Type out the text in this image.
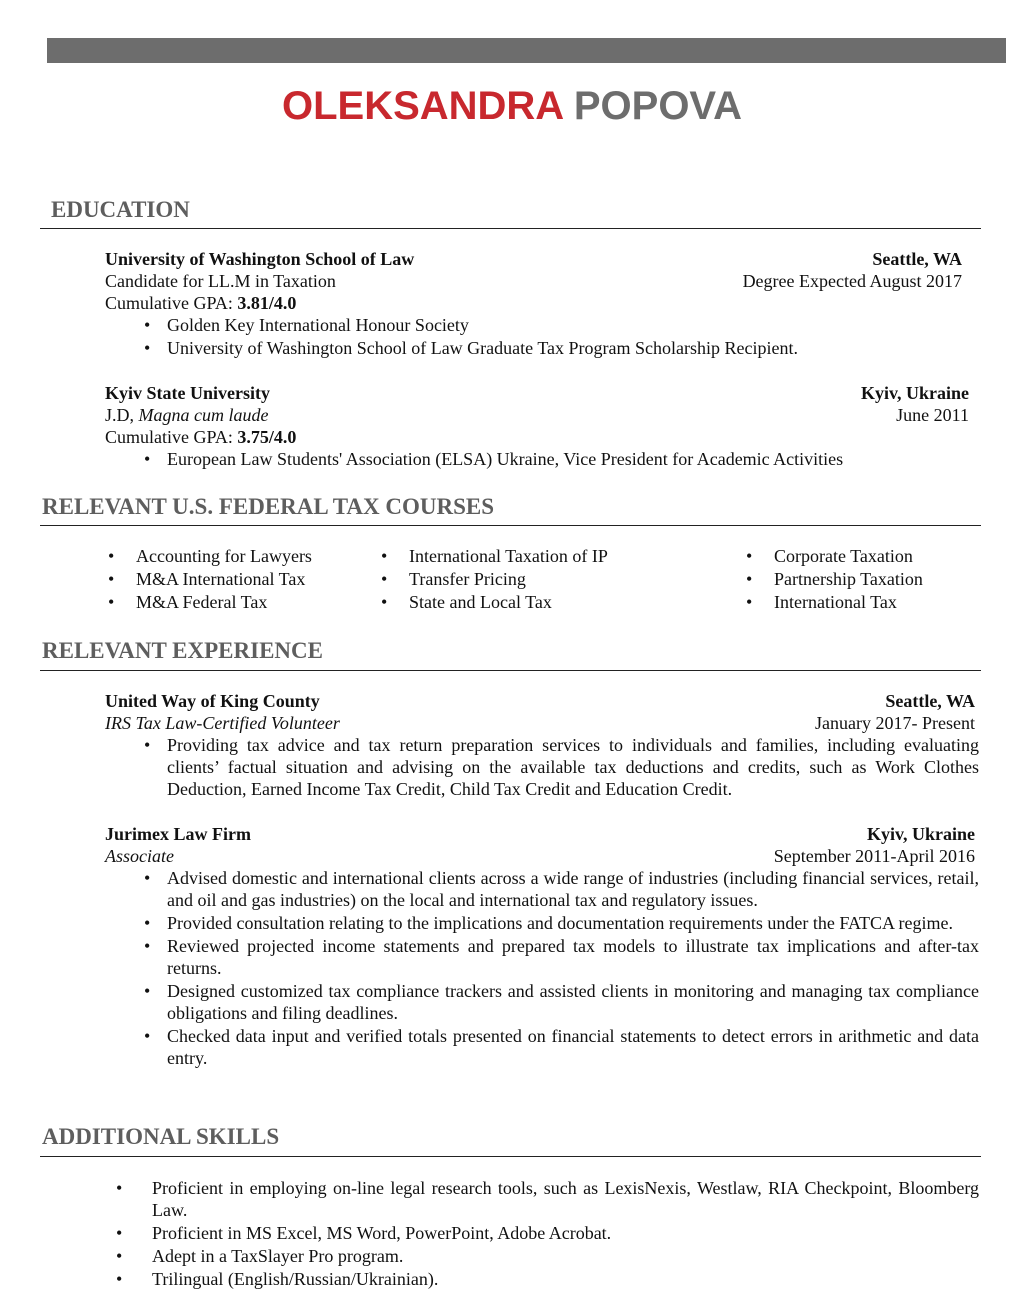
OLEKSANDRA POPOVA
EDUCATION
University of Washington School of Law	Seattle, WA
Candidate for LL.M in Taxation	Degree Expected August 2017
Cumulative GPA: 3.81/4.0
• Golden Key International Honour Society
• University of Washington School of Law Graduate Tax Program Scholarship Recipient.
Kyiv State University	Kyiv, Ukraine
J.D, Magna cum laude	June 2011
Cumulative GPA: 3.75/4.0
• European Law Students' Association (ELSA) Ukraine, Vice President for Academic Activities
RELEVANT U.S. FEDERAL TAX COURSES
• Accounting for Lawyers
• M&A International Tax
• M&A Federal Tax
• International Taxation of IP
• Transfer Pricing
• State and Local Tax
• Corporate Taxation
• Partnership Taxation
• International Tax
RELEVANT EXPERIENCE
United Way of King County	Seattle, WA
IRS Tax Law-Certified Volunteer	January 2017- Present
• Providing tax advice and tax return preparation services to individuals and families, including evaluating clients’ factual situation and advising on the available tax deductions and credits, such as Work Clothes Deduction, Earned Income Tax Credit, Child Tax Credit and Education Credit.
Jurimex Law Firm	Kyiv, Ukraine
Associate	September 2011-April 2016
• Advised domestic and international clients across a wide range of industries (including financial services, retail, and oil and gas industries) on the local and international tax and regulatory issues.
• Provided consultation relating to the implications and documentation requirements under the FATCA regime.
• Reviewed projected income statements and prepared tax models to illustrate tax implications and after-tax returns.
• Designed customized tax compliance trackers and assisted clients in monitoring and managing tax compliance obligations and filing deadlines.
• Checked data input and verified totals presented on financial statements to detect errors in arithmetic and data entry.
ADDITIONAL SKILLS
• Proficient in employing on-line legal research tools, such as LexisNexis, Westlaw, RIA Checkpoint, Bloomberg Law.
• Proficient in MS Excel, MS Word, PowerPoint, Adobe Acrobat.
• Adept in a TaxSlayer Pro program.
• Trilingual (English/Russian/Ukrainian).
